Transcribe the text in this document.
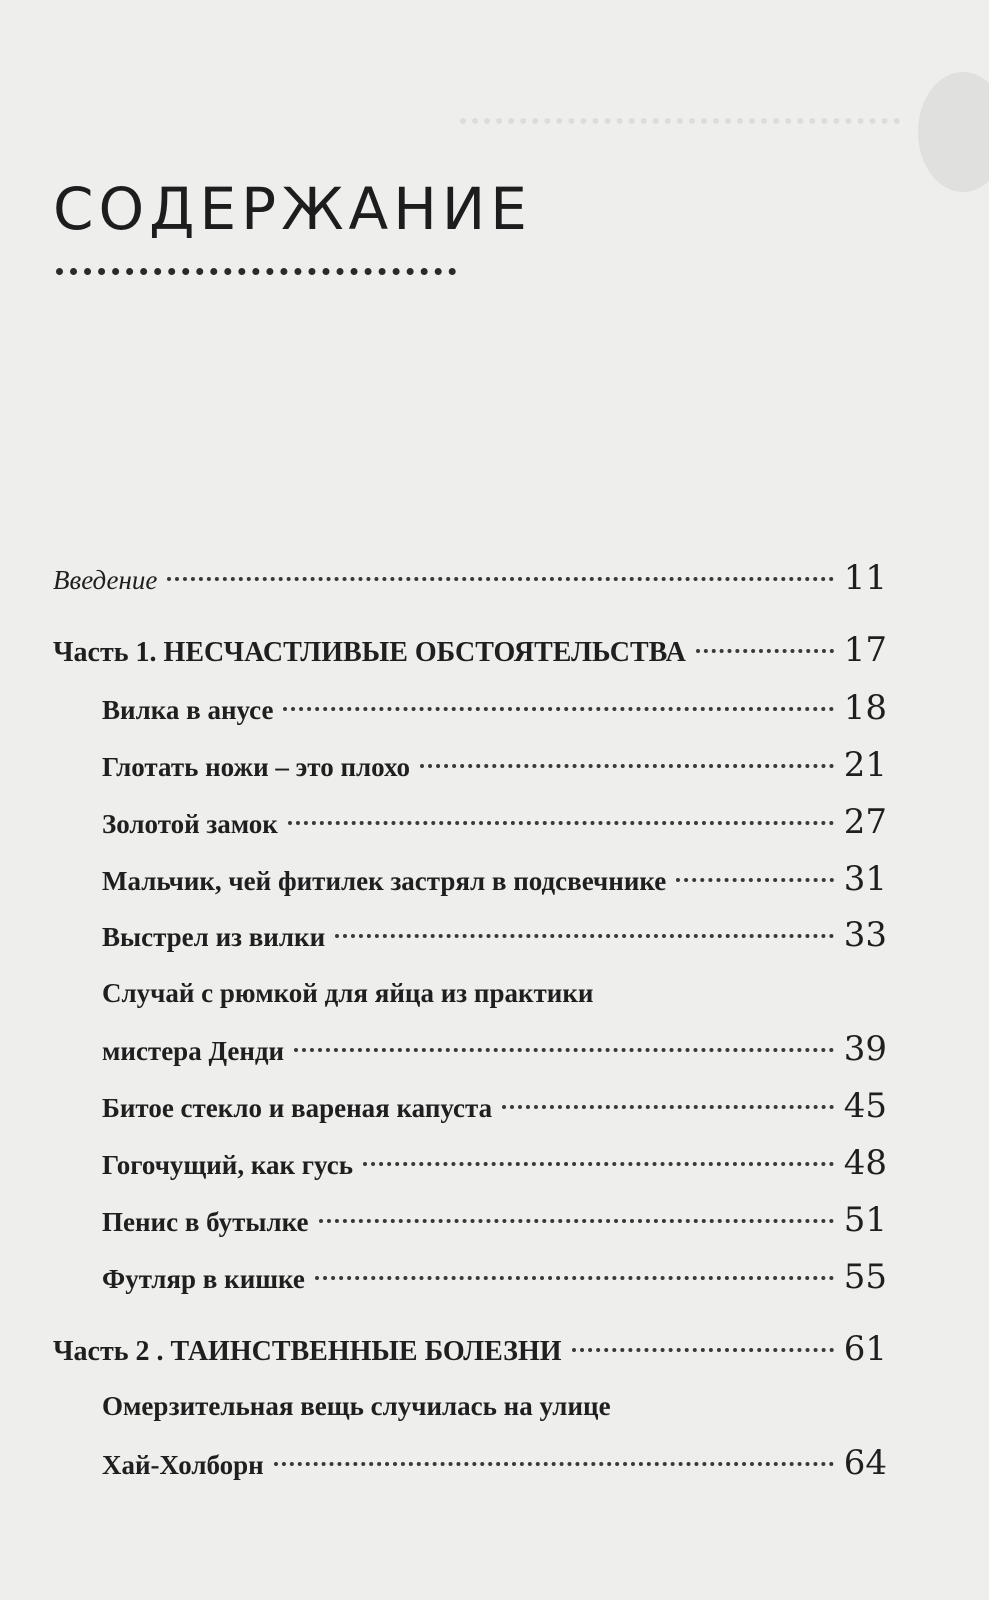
СОДЕРЖАНИЕ
Введение	11
Часть 1. НЕСЧАСТЛИВЫЕ ОБСТОЯТЕЛЬСТВА	17
Вилка в анусе	18
Глотать ножи – это плохо	21
Золотой замок	27
Мальчик, чей фитилек застрял в подсвечнике	31
Выстрел из вилки	33
Случай с рюмкой для яйца из практики
мистера Денди	39
Битое стекло и вареная капуста	45
Гогочущий, как гусь	48
Пенис в бутылке	51
Футляр в кишке	55
Часть 2 . ТАИНСТВЕННЫЕ БОЛЕЗНИ	61
Омерзительная вещь случилась на улице
Хай-Холборн	64
